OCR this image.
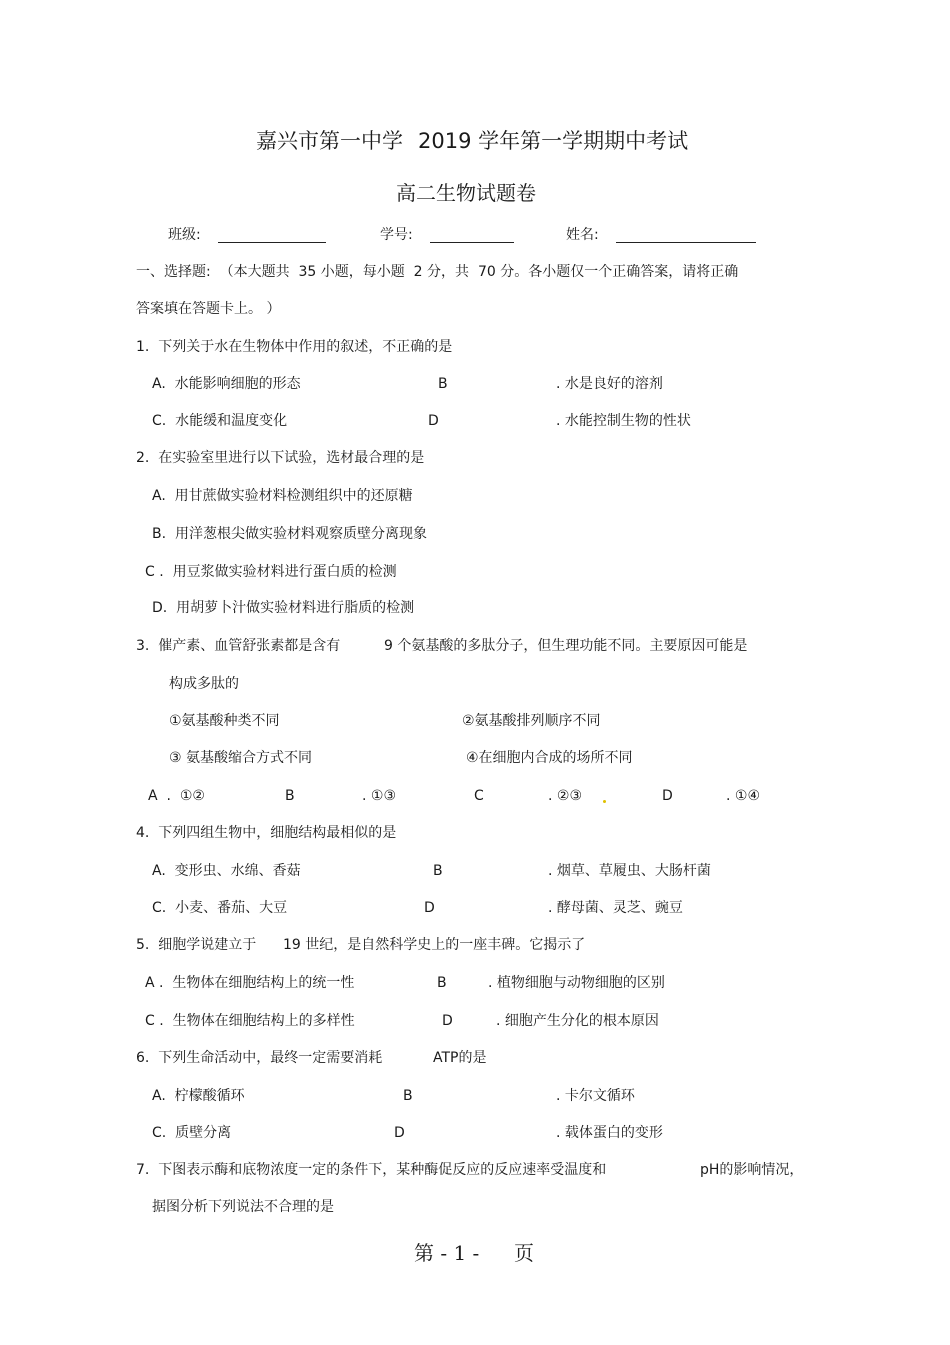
嘉兴市第一中学 2019 学年第一学期期中考试
高二生物试题卷
班级:	学号:	姓名:
一、选择题:  （本大题共  35 小题，每小题  2 分，共  70 分。各小题仅一个正确答案，请将正确
答案填在答题卡上。 ）
1.  下列关于水在生物体中作用的叙述，不正确的是
A.  水能影响细胞的形态	B	. 水是良好的溶剂
C.  水能缓和温度变化	D	. 水能控制生物的性状
2.  在实验室里进行以下试验，选材最合理的是
A.  用甘蔗做实验材料检测组织中的还原糖
B.  用洋葱根尖做实验材料观察质壁分离现象
C .  用豆浆做实验材料进行蛋白质的检测
D.  用胡萝卜汁做实验材料进行脂质的检测
3.  催产素、血管舒张素都是含有	9 个氨基酸的多肽分子，但生理功能不同。主要原因可能是
构成多肽的
①氨基酸种类不同	②氨基酸排列顺序不同
③ 氨基酸缩合方式不同	④在细胞内合成的场所不同
A  .  ①②	B	. ①③	C	. ②③	D	. ①④
4.  下列四组生物中，细胞结构最相似的是
A.  变形虫、水绵、香菇	B	. 烟草、草履虫、大肠杆菌
C.  小麦、番茄、大豆	D	. 酵母菌、灵芝、豌豆
5.  细胞学说建立于 19 世纪，是自然科学史上的一座丰碑。它揭示了
A .  生物体在细胞结构上的统一性	B	. 植物细胞与动物细胞的区别
C .  生物体在细胞结构上的多样性	D	. 细胞产生分化的根本原因
6.  下列生命活动中，最终一定需要消耗	ATP的是
A.  柠檬酸循环	B	. 卡尔文循环
C.  质壁分离	D	. 载体蛋白的变形
7.  下图表示酶和底物浓度一定的条件下，某种酶促反应的反应速率受温度和	pH的影响情况，
据图分析下列说法不合理的是
第 - 1 - 页
